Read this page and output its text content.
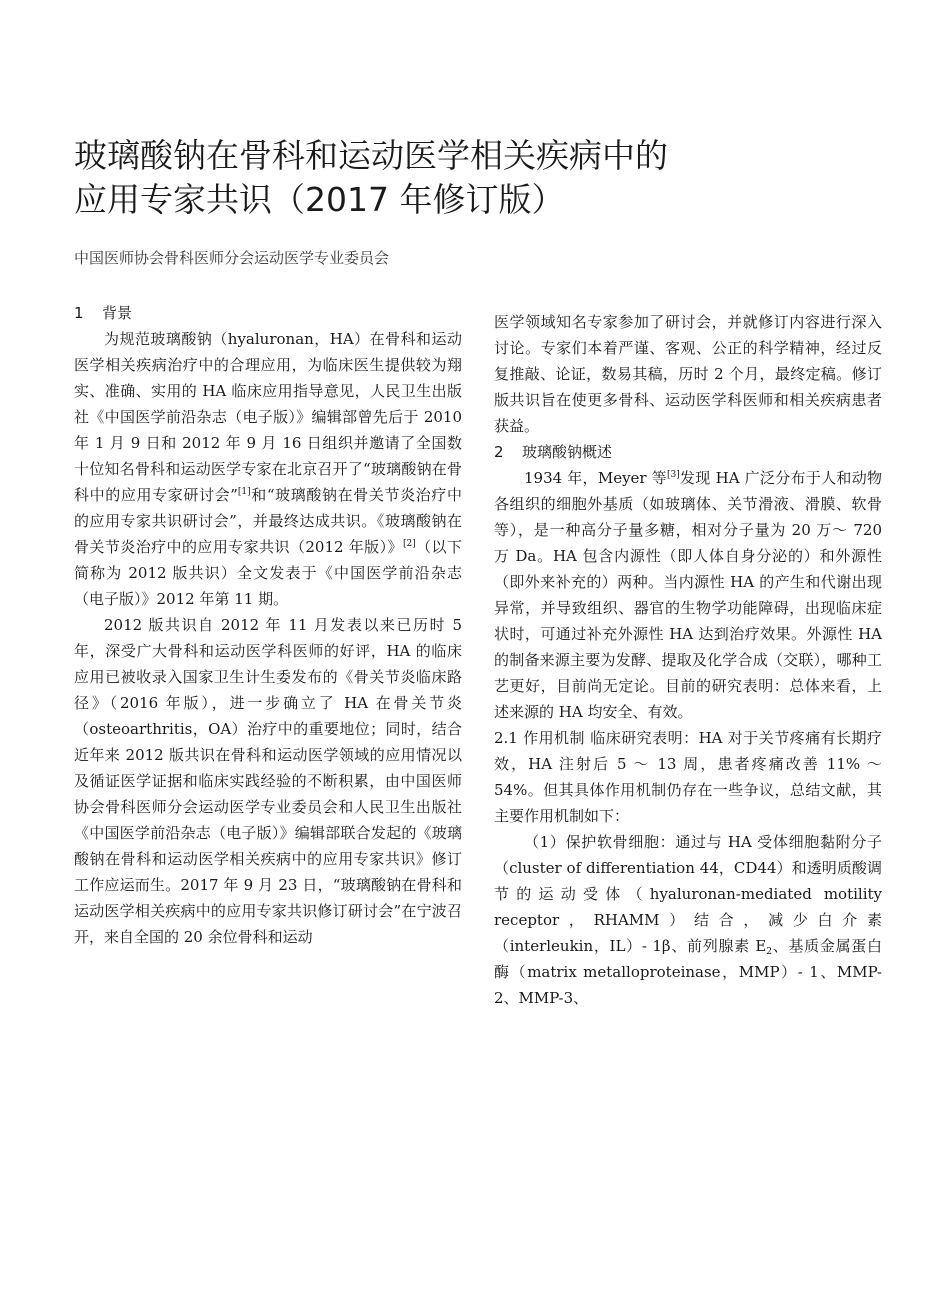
玻璃酸钠在骨科和运动医学相关疾病中的
应用专家共识（2017 年修订版）

中国医师协会骨科医师分会运动医学专业委员会

1 背景

为规范玻璃酸钠（hyaluronan，HA）在骨科和运动医学相关疾病治疗中的合理应用，为临床医生提供较为翔实、准确、实用的 HA 临床应用指导意见，人民卫生出版社《中国医学前沿杂志（电子版）》编辑部曾先后于 2010 年 1 月 9 日和 2012 年 9 月 16 日组织并邀请了全国数十位知名骨科和运动医学专家在北京召开了“玻璃酸钠在骨科中的应用专家研讨会”[1]和“玻璃酸钠在骨关节炎治疗中的应用专家共识研讨会”，并最终达成共识。《玻璃酸钠在骨关节炎治疗中的应用专家共识（2012 年版）》[2]（以下简称为 2012 版共识）全文发表于《中国医学前沿杂志（电子版）》2012 年第 11 期。

2012 版共识自 2012 年 11 月发表以来已历时 5 年，深受广大骨科和运动医学科医师的好评，HA 的临床应用已被收录入国家卫生计生委发布的《骨关节炎临床路径》（2016 年版），进一步确立了 HA 在骨关节炎（osteoarthritis，OA）治疗中的重要地位；同时，结合近年来 2012 版共识在骨科和运动医学领域的应用情况以及循证医学证据和临床实践经验的不断积累，由中国医师协会骨科医师分会运动医学专业委员会和人民卫生出版社《中国医学前沿杂志（电子版）》编辑部联合发起的《玻璃酸钠在骨科和运动医学相关疾病中的应用专家共识》修订工作应运而生。2017 年 9 月 23 日，“玻璃酸钠在骨科和运动医学相关疾病中的应用专家共识修订研讨会”在宁波召开，来自全国的 20 余位骨科和运动

医学领域知名专家参加了研讨会，并就修订内容进行深入讨论。专家们本着严谨、客观、公正的科学精神，经过反复推敲、论证，数易其稿，历时 2 个月，最终定稿。修订版共识旨在使更多骨科、运动医学科医师和相关疾病患者获益。

2 玻璃酸钠概述

1934 年，Meyer 等[3]发现 HA 广泛分布于人和动物各组织的细胞外基质（如玻璃体、关节滑液、滑膜、软骨等），是一种高分子量多糖，相对分子量为 20 万～ 720 万 Da。HA 包含内源性（即人体自身分泌的）和外源性（即外来补充的）两种。当内源性 HA 的产生和代谢出现异常，并导致组织、器官的生物学功能障碍，出现临床症状时，可通过补充外源性 HA 达到治疗效果。外源性 HA 的制备来源主要为发酵、提取及化学合成（交联），哪种工艺更好，目前尚无定论。目前的研究表明：总体来看，上述来源的 HA 均安全、有效。

2.1 作用机制 临床研究表明：HA 对于关节疼痛有长期疗效，HA 注射后 5 ～ 13 周，患者疼痛改善 11% ～54%。但其具体作用机制仍存在一些争议，总结文献，其主要作用机制如下：

（1）保护软骨细胞：通过与 HA 受体细胞黏附分子（cluster of differentiation 44，CD44）和透明质酸调节的运动受体（hyaluronan-mediated motility receptor，RHAMM）结合，减少白介素（interleukin，IL）- 1β、前列腺素 $E_2$、基质金属蛋白酶（matrix metalloproteinase，MMP）- 1、MMP-2、MMP-3、
